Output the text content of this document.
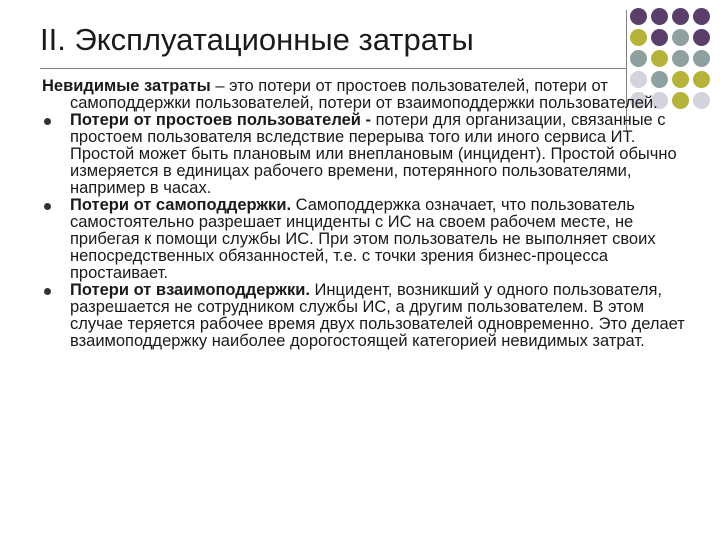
II. Эксплуатационные затраты

Невидимые затраты – это потери от простоев пользователей, потери от самоподдержки пользователей, потери от взаимоподдержки пользователей.

Потери от простоев пользователей - потери для организации, связанные с простоем пользователя вследствие перерыва того или иного сервиса ИТ. Простой может быть плановым или внеплановым (инцидент). Простой обычно измеряется в единицах рабочего времени, потерянного пользователями, например в часах.
Потери от самоподдержки. Самоподдержка означает, что пользователь самостоятельно разрешает инциденты с ИС на своем рабочем месте, не прибегая к помощи службы ИС. При этом пользователь не выполняет своих непосредственных обязанностей, т.е. с точки зрения бизнес-процесса простаивает.
Потери от взаимоподдержки. Инцидент, возникший у одного пользователя, разрешается не сотрудником службы ИС, а другим пользователем. В этом случае теряется рабочее время двух пользователей одновременно. Это делает взаимоподдержку наиболее дорогостоящей категорией невидимых затрат.
